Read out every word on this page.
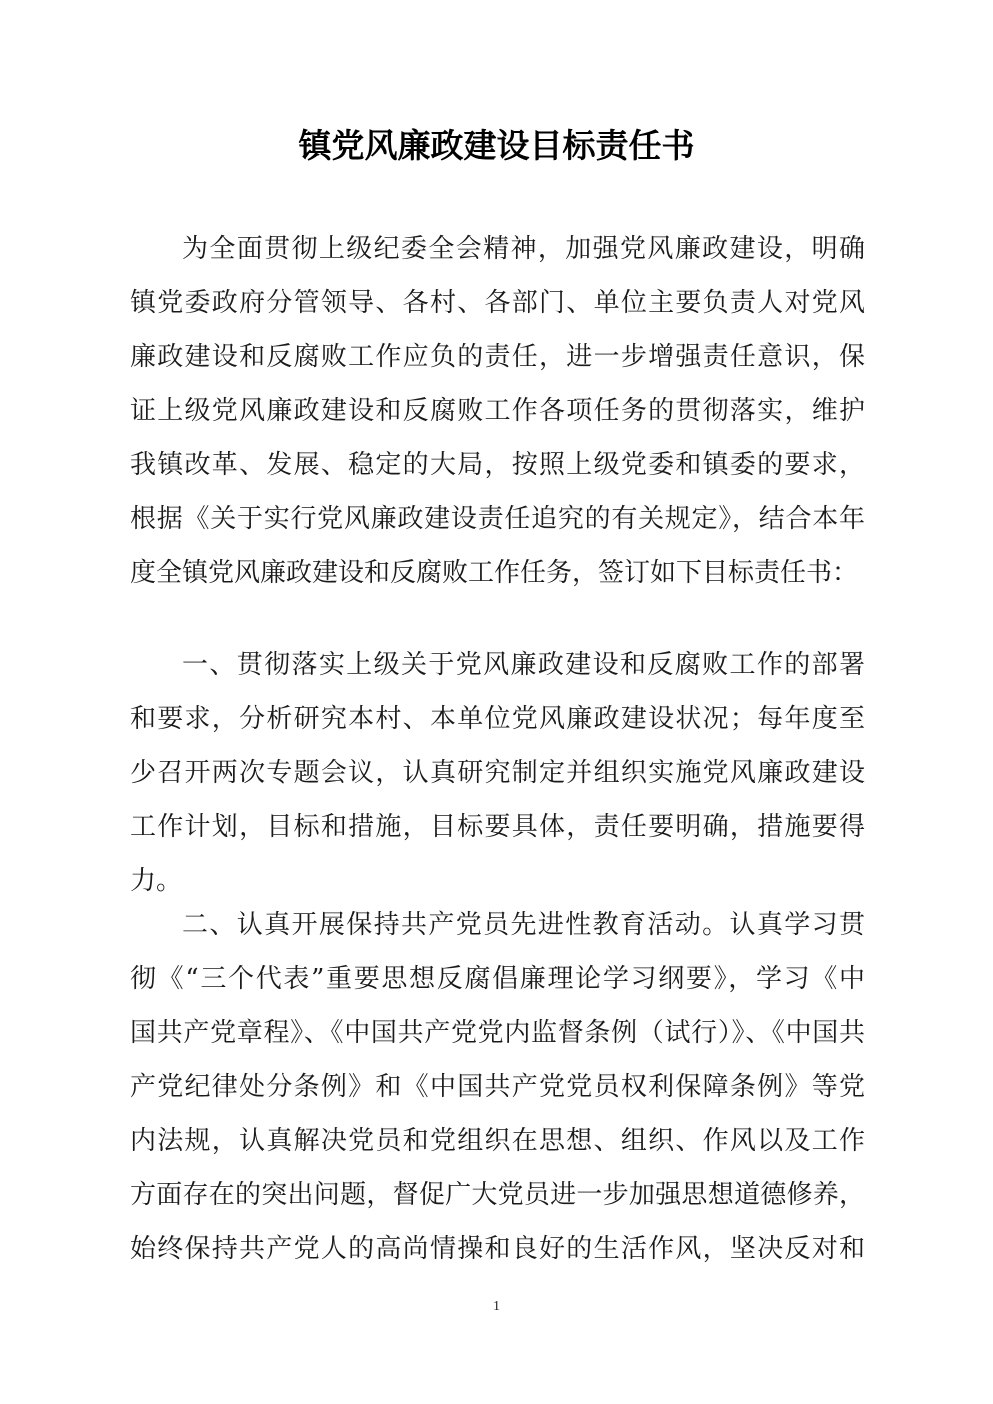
镇党风廉政建设目标责任书
为全面贯彻上级纪委全会精神，加强党风廉政建设，明确
镇党委政府分管领导、各村、各部门、单位主要负责人对党风
廉政建设和反腐败工作应负的责任，进一步增强责任意识，保
证上级党风廉政建设和反腐败工作各项任务的贯彻落实，维护
我镇改革、发展、稳定的大局，按照上级党委和镇委的要求，
根据《关于实行党风廉政建设责任追究的有关规定》，结合本年
度全镇党风廉政建设和反腐败工作任务，签订如下目标责任书：
一、贯彻落实上级关于党风廉政建设和反腐败工作的部署
和要求，分析研究本村、本单位党风廉政建设状况；每年度至
少召开两次专题会议，认真研究制定并组织实施党风廉政建设
工作计划，目标和措施，目标要具体，责任要明确，措施要得
力。
二、认真开展保持共产党员先进性教育活动。认真学习贯
彻《“三个代表”重要思想反腐倡廉理论学习纲要》，学习《中
国共产党章程》、《中国共产党党内监督条例（试行）》、《中国共
产党纪律处分条例》和《中国共产党党员权利保障条例》等党
内法规，认真解决党员和党组织在思想、组织、作风以及工作
方面存在的突出问题，督促广大党员进一步加强思想道德修养，
始终保持共产党人的高尚情操和良好的生活作风，坚决反对和
1
